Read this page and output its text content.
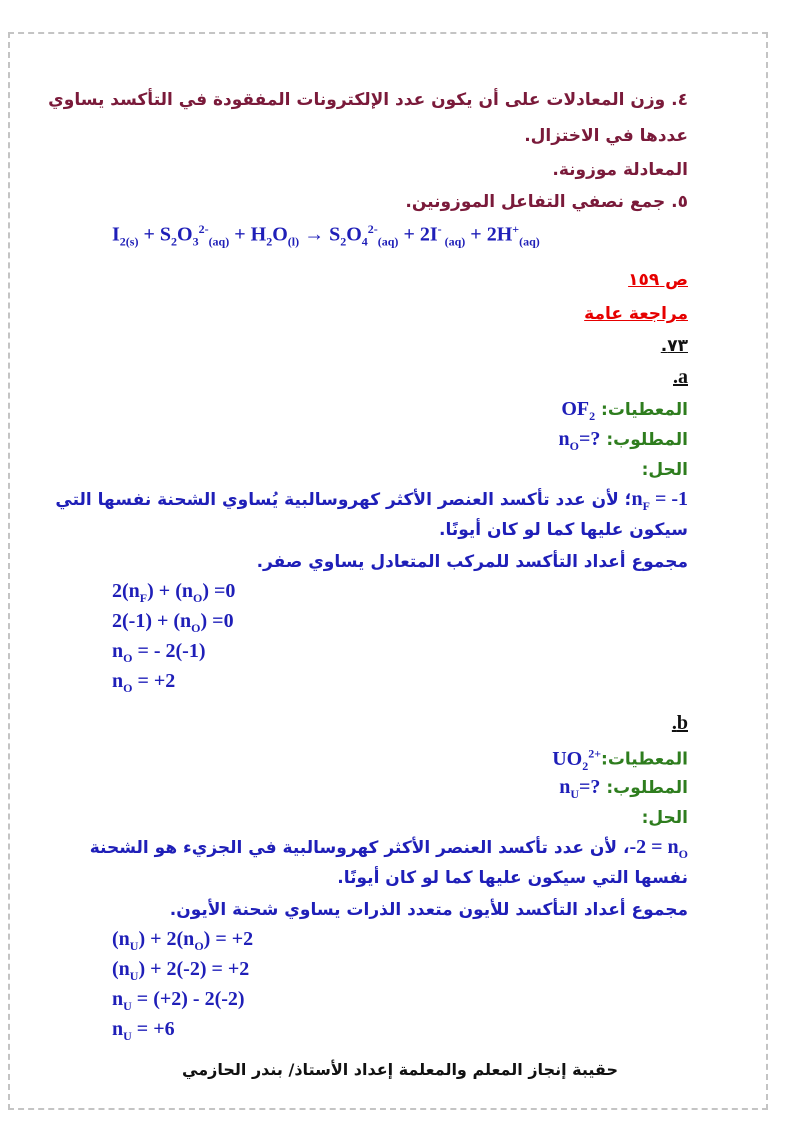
٤. وزن المعادلات على أن يكون عدد الإلكترونات المفقودة في التأكسد يساوي
عددها في الاختزال.
المعادلة موزونة.
٥. جمع نصفي التفاعل الموزونين.
$I_{2(s)} + S_2O_3^{2-}_{(aq)} + H_2O_{(l)} \to S_2O_4^{2-}_{(aq)} + 2I^-$ $_{(aq)} + 2H^+_{(aq)}$
ص ١٥٩
مراجعة عامة
٧٣.
a.
المعطيات: $OF_2$
المطلوب: $n_O=$?
الحل:
$n_F$ = -1؛ لأن عدد تأكسد العنصر الأكثر كهروسالبية يُساوي الشحنة نفسها التي
سيكون عليها كما لو كان أيونًا.
مجموع أعداد التأكسد للمركب المتعادل يساوي صفر.
$2(n_F) + (n_O) =0$
$2(-1) + (n_O) =0$
$n_O$ = - 2(-1)
$n_O = +2$
b.
$المعطيات:UO_2^{2+}$
المطلوب: $n_U=$?
الحل:
$-2 = n_O،$ لأن عدد تأكسد العنصر الأكثر كهروسالبية في الجزيء هو الشحنة
نفسها التي سيكون عليها كما لو كان أيونًا.
مجموع أعداد التأكسد للأيون متعدد الذرات يساوي شحنة الأيون.
$(n_U) + 2(n_O) = +2$
$(n_U) + 2(-2) = +2$
$n_U = (+2) - 2(-2)$
$n_U = +6$
حقيبة إنجاز المعلم والمعلمة إعداد الأستاذ/ بندر الحازمي
